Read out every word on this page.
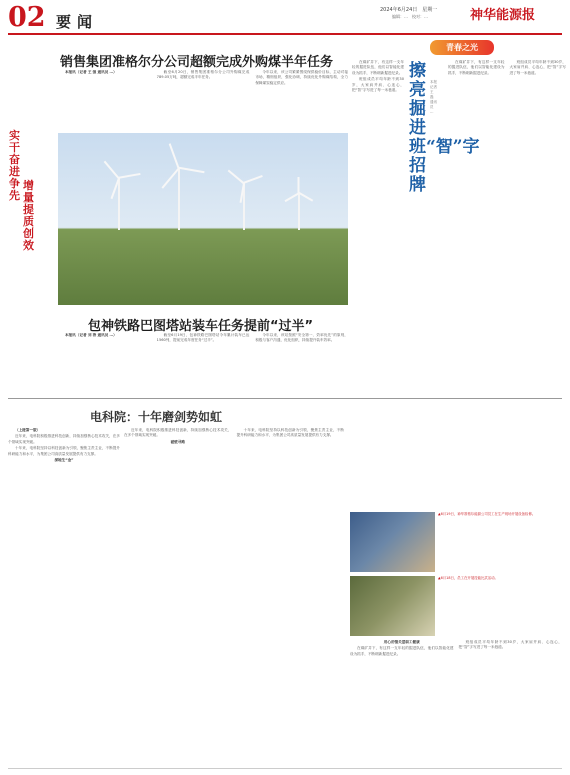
02 要闻
2024年6月24日　星期一
编辑：…　校对：…	神华能源报
销售集团准格尔分公司超额完成外购煤半年任务

本报讯（记者 王 强 通讯员 …）	截至6月20日，销售集团准格尔分公司外购煤完成789.05万吨，超额完成半年任务。

今年以来，该公司紧紧围绕保供稳价目标，主动对接市场，精细组织，强化协调，持续优化外购煤结构，全力保障煤炭稳定供应。

实干奋进争先
增量提质创效
包神铁路巴图塔站装车任务提前“过半”

本报讯（记者 刘 涛 通讯员 …）	截至6月19日，包神铁路巴图塔站今年累计装车已达1560列，提前完成年度任务“过半”。

今年以来，该站按照“安全第一、效率优先”的原则，积极与客户沟通，优化组织，持续提升装车效率。

青春之光
擦亮掘进班“智”字招牌
本报记者 王 磊　通讯员 …

在煤矿井下，有这样一支年轻的掘进队伍，他们以智能化建设为抓手，不断刷新掘进纪录。

班组成员平均年龄不到30岁，大家肩并肩、心连心，把“智”字写进了每一米巷道。

在煤矿井下，有这样一支年轻的掘进队伍，他们以智能化建设为抓手，不断刷新掘进纪录。

班组成员平均年龄不到30岁，大家肩并肩、心连心，把“智”字写进了每一米巷道。

电科院：十年磨剑势如虹

（上接第一版）

近年来，电科院积极推进科技创新，持续加强核心技术攻关，在多个领域实现突破。

十年来，电科院坚持以科技创新为引领，聚焦主责主业，不断提升科研能力和水平，为集团公司高质量发展提供有力支撑。

深地生“金”

近年来，电科院积极推进科技创新，持续加强核心技术攻关，在多个领域实现突破。

破壁寻路

十年来，电科院坚持以科技创新为引领，聚焦主责主业，不断提升科研能力和水平，为集团公司高质量发展提供有力支撑。

▲6月19日，神华准格尔能源公司员工在生产现场开展设备检修。
▲6月18日，员工在开展技能比武活动。

用心用情关爱职工健康

在煤矿井下，有这样一支年轻的掘进队伍，他们以智能化建设为抓手，不断刷新掘进纪录。

班组成员平均年龄不到30岁，大家肩并肩、心连心，把“智”字写进了每一米巷道。
